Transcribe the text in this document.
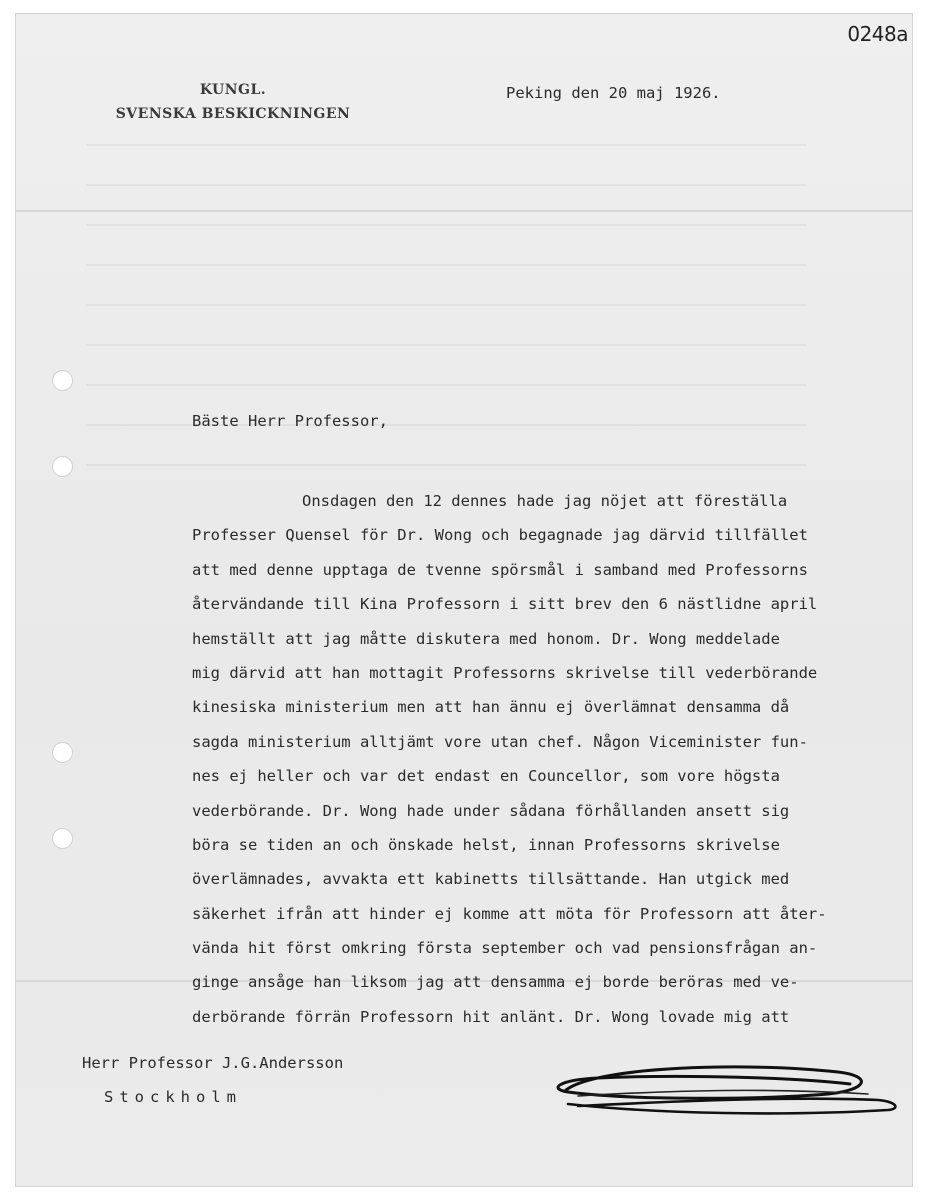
KUNGL.
SVENSKA BESKICKNINGEN
Peking den 20 maj 1926.
Bäste Herr Professor,
Onsdagen den 12 dennes hade jag nöjet att föreställa
Professer Quensel för Dr. Wong och begagnade jag därvid tillfället
att med denne upptaga de tvenne spörsmål i samband med Professorns
återvändande till Kina Professorn i sitt brev den 6 nästlidne april
hemställt att jag måtte diskutera med honom. Dr. Wong meddelade
mig därvid att han mottagit Professorns skrivelse till vederbörande
kinesiska ministerium men att han ännu ej överlämnat densamma då
sagda ministerium alltjämt vore utan chef. Någon Viceminister fun-
nes ej heller och var det endast en Councellor, som vore högsta
vederbörande. Dr. Wong hade under sådana förhållanden ansett sig
böra se tiden an och önskade helst, innan Professorns skrivelse
överlämnades, avvakta ett kabinetts tillsättande. Han utgick med
säkerhet ifrån att hinder ej komme att möta för Professorn att åter-
vända hit först omkring första september och vad pensionsfrågan an-
ginge ansåge han liksom jag att densamma ej borde beröras med ve-
derbörande förrän Professorn hit anlänt. Dr. Wong lovade mig att
Herr Professor J.G.Andersson
Stockholm
0248a
